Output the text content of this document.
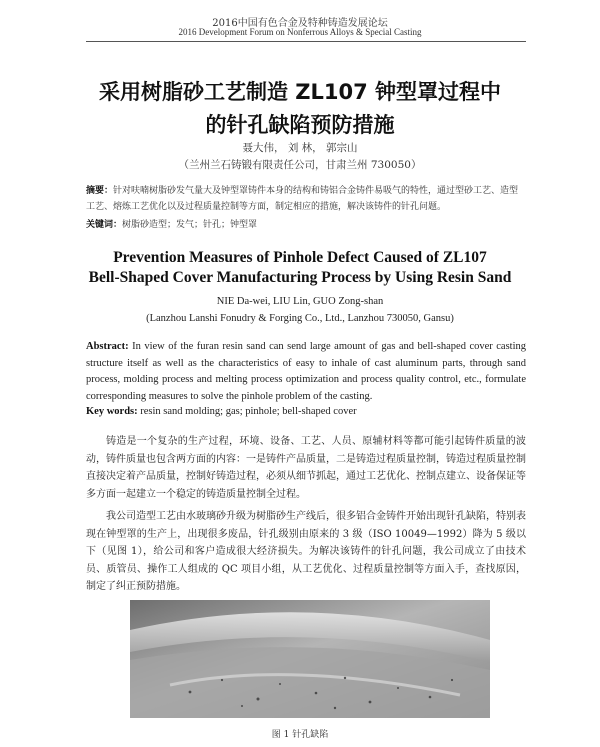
2016中国有色合金及特种铸造发展论坛
2016 Development Forum on Nonferrous Alloys & Special Casting
采用树脂砂工艺制造 ZL107 钟型罩过程中
的针孔缺陷预防措施
聂大伟， 刘 林， 郭宗山
（兰州兰石铸锻有限责任公司，甘肃兰州 730050）
摘要：针对呋喃树脂砂发气量大及钟型罩铸件本身的结构和铸铝合金铸件易吸气的特性，通过型砂工艺、造型工艺、熔炼工艺优化以及过程质量控制等方面，制定相应的措施，解决该铸件的针孔问题。
关键词：树脂砂造型；发气；针孔；钟型罩
Prevention Measures of Pinhole Defect Caused of ZL107
Bell-Shaped Cover Manufacturing Process by Using Resin Sand
NIE Da-wei, LIU Lin, GUO Zong-shan
(Lanzhou Lanshi Fonudry & Forging Co., Ltd., Lanzhou 730050, Gansu)
Abstract: In view of the furan resin sand can send large amount of gas and bell-shaped cover casting structure itself as well as the characteristics of easy to inhale of cast aluminum parts, through sand process, molding process and melting process optimization and process quality control, etc., formulate corresponding measures to solve the pinhole problem of the casting.
Key words: resin sand molding; gas; pinhole; bell-shaped cover
铸造是一个复杂的生产过程，环境、设备、工艺、人员、原辅材料等都可能引起铸件质量的波动，铸件质量也包含两方面的内容：一是铸件产品质量，二是铸造过程质量控制，铸造过程质量控制直接决定着产品质量，控制好铸造过程，必须从细节抓起，通过工艺优化、控制点建立、设备保证等多方面一起建立一个稳定的铸造质量控制全过程。
我公司造型工艺由水玻璃砂升级为树脂砂生产线后，很多铝合金铸件开始出现针孔缺陷，特别表现在钟型罩的生产上，出现很多废品，针孔级别由原来的 3 级（ISO 10049—1992）降为 5 级以下（见图 1），给公司和客户造成很大经济损失。为解决该铸件的针孔问题，我公司成立了由技术员、质管员、操作工人组成的 QC 项目小组，从工艺优化、过程质量控制等方面入手，查找原因，制定了纠正预防措施。
图 1 针孔缺陷
